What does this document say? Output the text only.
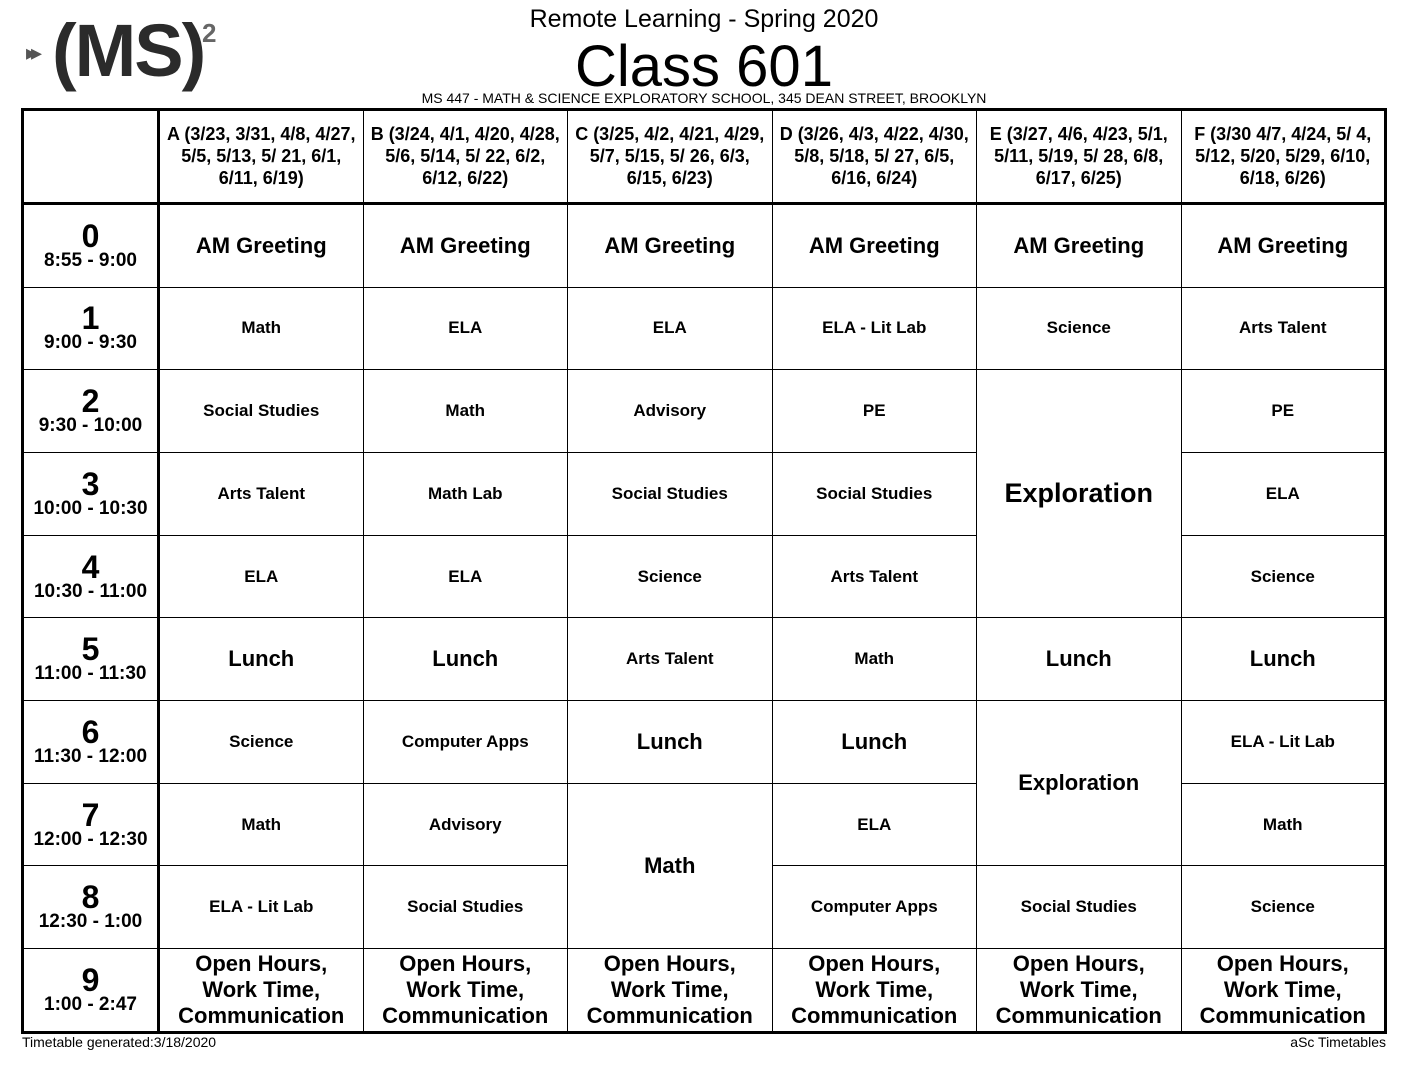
▸▸ (MS)
2	Remote Learning - Spring 2020
Class 601
MS 447 - MATH & SCIENCE EXPLORATORY SCHOOL, 345 DEAN STREET, BROOKLYN
	A (3/23, 3/31, 4/8, 4/27, 5/5, 5/13, 5/ 21, 6/1, 6/11, 6/19)	B (3/24, 4/1, 4/20, 4/28, 5/6, 5/14, 5/ 22, 6/2, 6/12, 6/22)	C (3/25, 4/2, 4/21, 4/29, 5/7, 5/15, 5/ 26, 6/3, 6/15, 6/23)	D (3/26, 4/3, 4/22, 4/30, 5/8, 5/18, 5/ 27, 6/5, 6/16, 6/24)	E (3/27, 4/6, 4/23, 5/1, 5/11, 5/19, 5/ 28, 6/8, 6/17, 6/25)	F (3/30 4/7, 4/24, 5/ 4, 5/12, 5/20, 5/29, 6/10, 6/18, 6/26)

0
8:55 - 9:00	AM Greeting	AM Greeting	AM Greeting	AM Greeting	AM Greeting	AM Greeting

1
9:00 - 9:30	Math	ELA	ELA	ELA - Lit Lab	Science	Arts Talent

2
9:30 - 10:00	Social Studies	Math	Advisory	PE	Exploration	PE

3
10:00 - 10:30	Arts Talent	Math Lab	Social Studies	Social Studies		ELA

4
10:30 - 11:00	ELA	ELA	Science	Arts Talent		Science

5
11:00 - 11:30	Lunch	Lunch	Arts Talent	Math	Lunch	Lunch

6
11:30 - 12:00	Science	Computer Apps	Lunch	Lunch	Exploration	ELA - Lit Lab

7
12:00 - 12:30	Math	Advisory	Math	ELA		Math

8
12:30 - 1:00	ELA - Lit Lab	Social Studies		Computer Apps	Social Studies	Science

9
1:00 - 2:47	Open Hours,
Work Time,
Communication	Open Hours,
Work Time,
Communication	Open Hours,
Work Time,
Communication	Open Hours,
Work Time,
Communication	Open Hours,
Work Time,
Communication	Open Hours,
Work Time,
Communication
Timetable generated:3/18/2020	aSc Timetables
